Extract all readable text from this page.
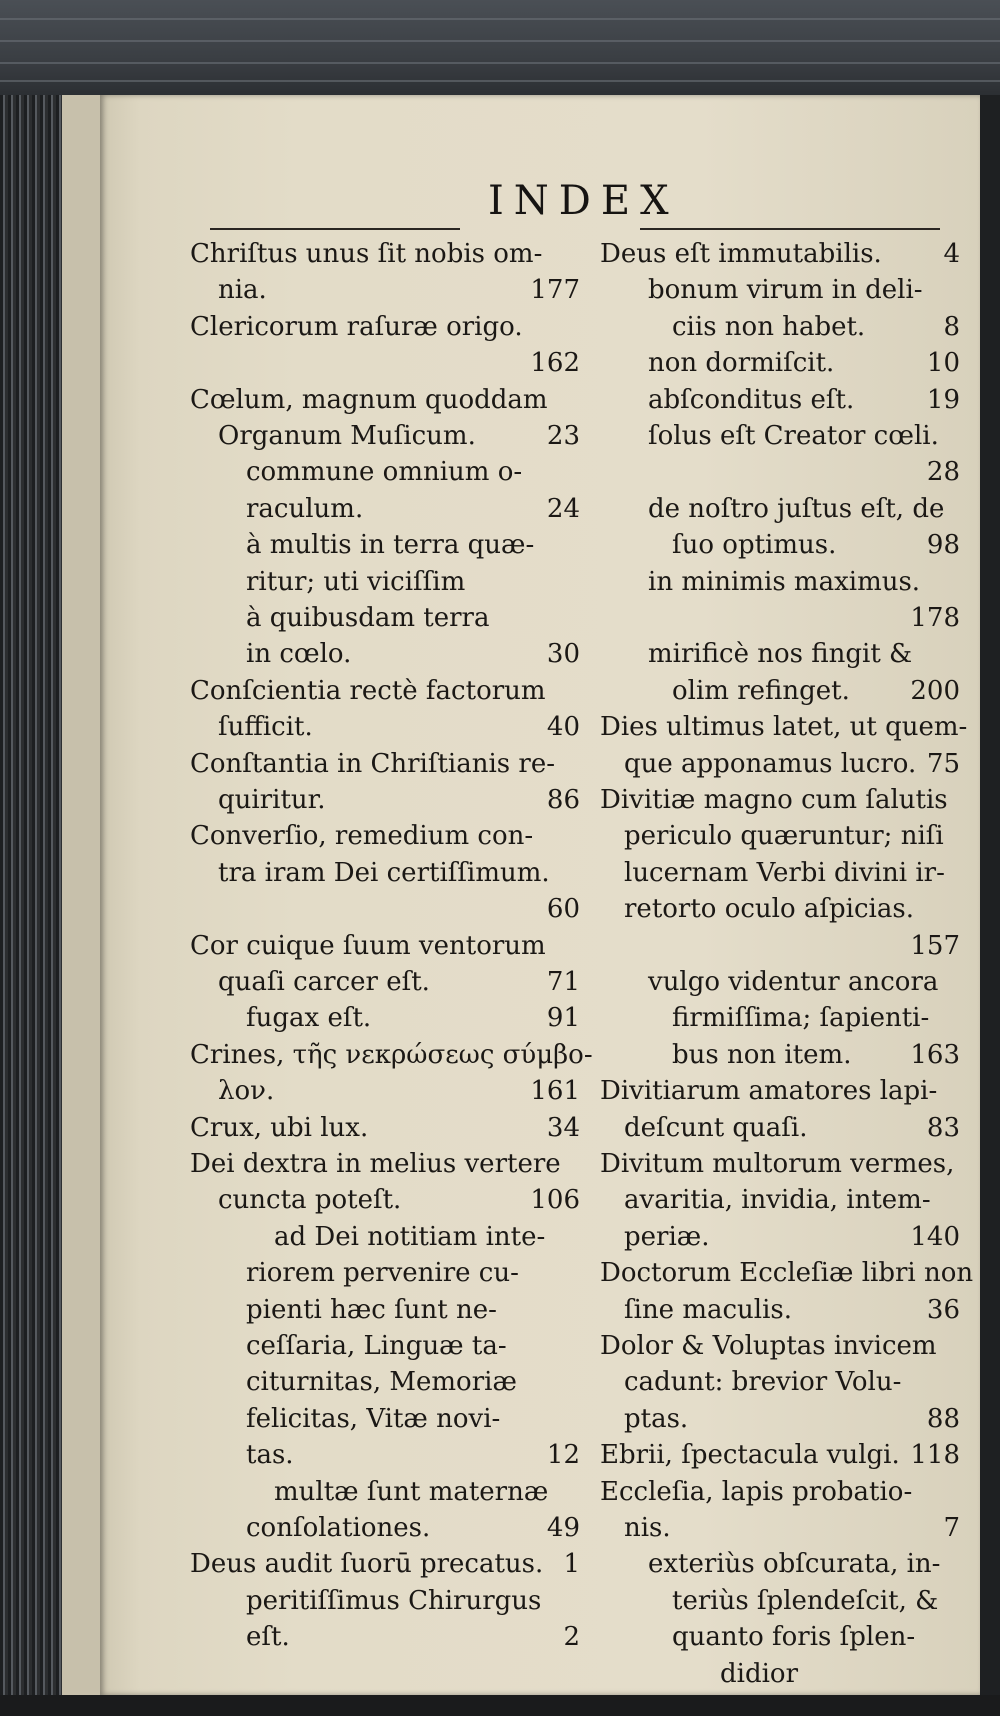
INDEX
Chriſtus unus ſit nobis om-
nia.	177
Clericorum raſuræ origo.
162
Cœlum, magnum quoddam
Organum Muſicum.	23
commune omnium o-
raculum.	24
à multis in terra quæ-
ritur; uti viciſſim
à quibusdam terra
in cœlo.	30
Conſcientia rectè factorum
ſufficit.	40
Conſtantia in Chriſtianis re-
quiritur.	86
Converſio, remedium con-
tra iram Dei certiſſimum.
60
Cor cuique ſuum ventorum
quaſi carcer eſt.	71
fugax eſt.	91
Crines, τῆς νεκρώσεως σύμβο-
λον.	161
Crux, ubi lux.	34
Dei dextra in melius vertere
cuncta poteſt.	106
ad Dei notitiam inte-
riorem pervenire cu-
pienti hæc ſunt ne-
ceſſaria, Linguæ ta-
citurnitas, Memoriæ
felicitas, Vitæ novi-
tas.	12
multæ ſunt maternæ
conſolationes.	49
Deus audit ſuorū precatus. 1
peritiſſimus Chirurgus
eſt.	2
Deus eſt immutabilis. 4
bonum virum in deli-
ciis non habet.	8
non dormiſcit.	10
abſconditus eſt.	19
ſolus eſt Creator cœli.
28
de noſtro juſtus eſt, de
ſuo optimus.	98
in minimis maximus.
178
mirificè nos fingit &
olim refinget. 200
Dies ultimus latet, ut quem-
que apponamus lucro. 75
Divitiæ magno cum ſalutis
periculo quæruntur; niſi
lucernam Verbi divini ir-
retorto oculo aſpicias.
157
vulgo videntur ancora
firmiſſima; ſapienti-
bus non item. 163
Divitiarum amatores lapi-
deſcunt quaſi.	83
Divitum multorum vermes,
avaritia, invidia, intem-
periæ.	140
Doctorum Eccleſiæ libri non
ſine maculis.	36
Dolor & Voluptas invicem
cadunt: brevior Volu-
ptas.	88
Ebrii, ſpectacula vulgi. 118
Eccleſia, lapis probatio-
nis.	7
exteriùs obſcurata, in-
teriùs ſplendeſcit, &
quanto foris ſplen-
didior
